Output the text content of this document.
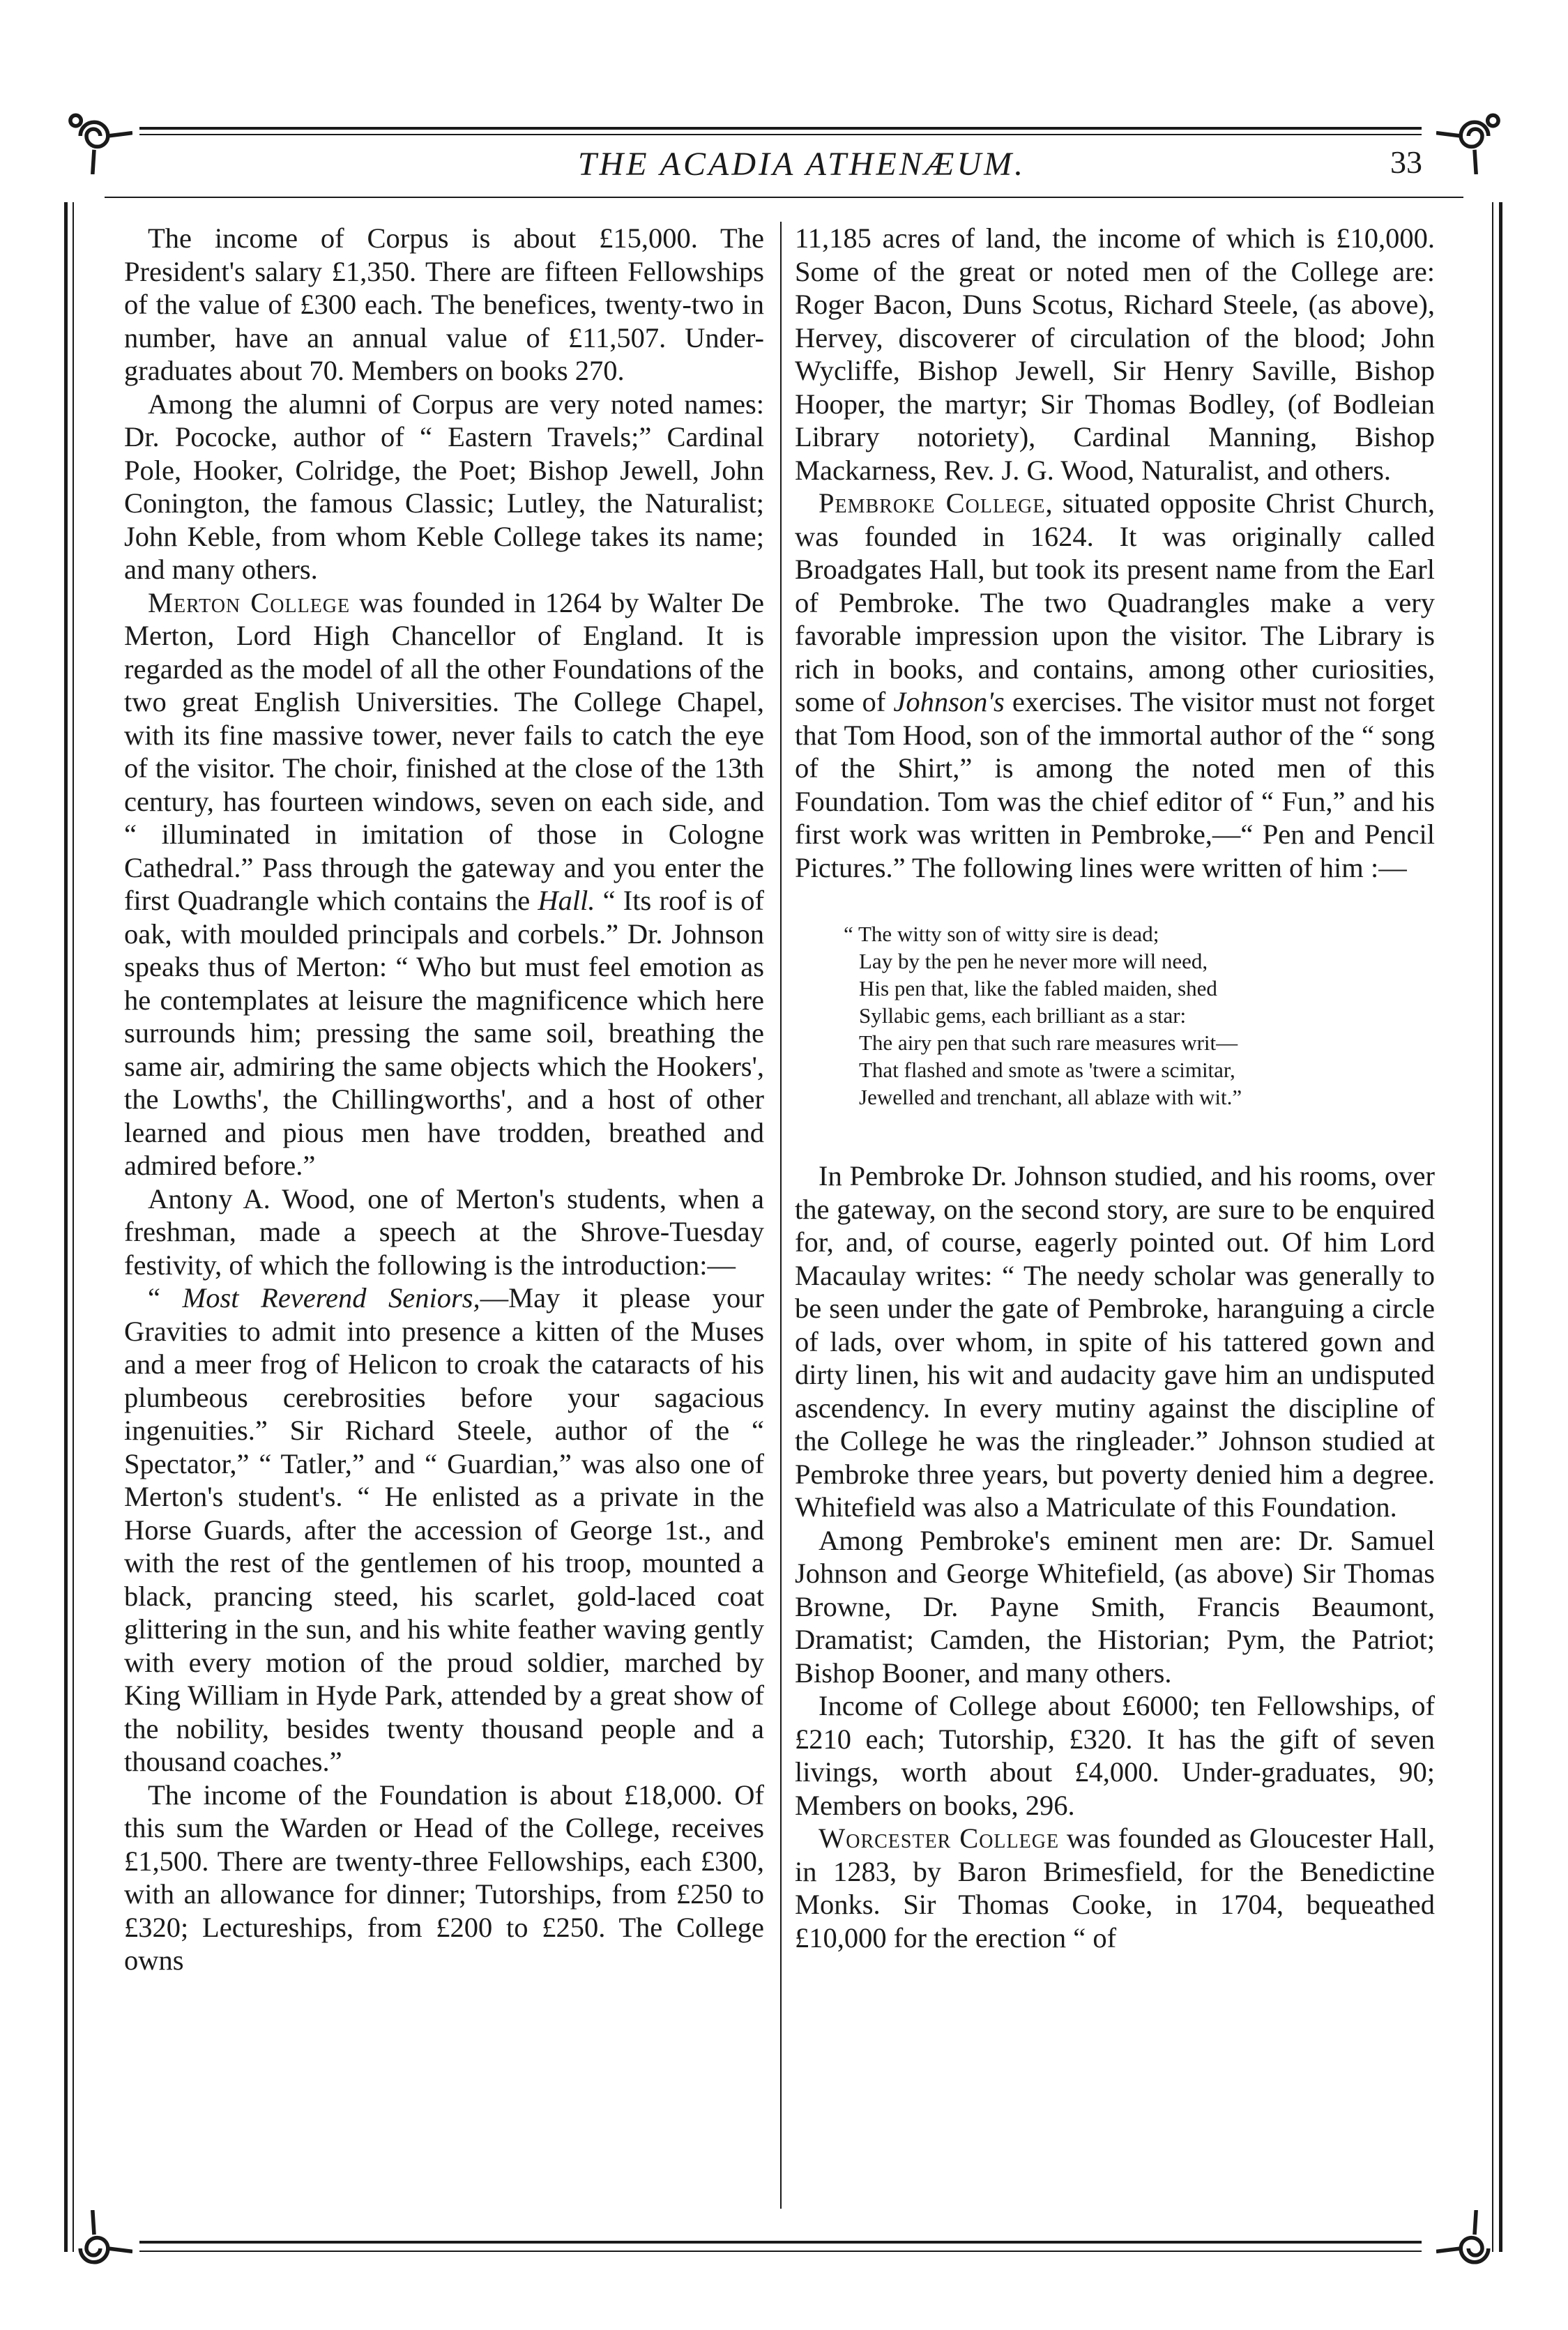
THE ACADIA ATHENÆUM.	33

The income of Corpus is about £15,000. The President's salary £1,350. There are fifteen Fellowships of the value of £300 each. The benefices, twenty-two in number, have an annual value of £11,507. Under-graduates about 70. Members on books 270.

Among the alumni of Corpus are very noted names: Dr. Pococke, author of “ Eastern Travels;” Cardinal Pole, Hooker, Colridge, the Poet; Bishop Jewell, John Conington, the famous Classic; Lutley, the Naturalist; John Keble, from whom Keble College takes its name; and many others.

Merton College was founded in 1264 by Walter De Merton, Lord High Chancellor of England. It is regarded as the model of all the other Foundations of the two great English Universities. The College Chapel, with its fine massive tower, never fails to catch the eye of the visitor. The choir, finished at the close of the 13th century, has fourteen windows, seven on each side, and “ illuminated in imitation of those in Cologne Cathedral.” Pass through the gateway and you enter the first Quadrangle which contains the Hall. “ Its roof is of oak, with moulded principals and corbels.” Dr. Johnson speaks thus of Merton: “ Who but must feel emotion as he contemplates at leisure the magnificence which here surrounds him; pressing the same soil, breathing the same air, admiring the same objects which the Hookers', the Lowths', the Chillingworths', and a host of other learned and pious men have trodden, breathed and admired before.”

Antony A. Wood, one of Merton's students, when a freshman, made a speech at the Shrove-Tuesday festivity, of which the following is the introduction:—

“ Most Reverend Seniors,—May it please your Gravities to admit into presence a kitten of the Muses and a meer frog of Helicon to croak the cataracts of his plumbeous cerebrosities before your sagacious ingenuities.” Sir Richard Steele, author of the “ Spectator,” “ Tatler,” and “ Guardian,” was also one of Merton's student's. “ He enlisted as a private in the Horse Guards, after the accession of George 1st., and with the rest of the gentlemen of his troop, mounted a black, prancing steed, his scarlet, gold-laced coat glittering in the sun, and his white feather waving gently with every motion of the proud soldier, marched by King William in Hyde Park, attended by a great show of the nobility, besides twenty thousand people and a thousand coaches.”

The income of the Foundation is about £18,000. Of this sum the Warden or Head of the College, receives £1,500. There are twenty-three Fellowships, each £300, with an allowance for dinner; Tutorships, from £250 to £320; Lectureships, from £200 to £250. The College owns

11,185 acres of land, the income of which is £10,000. Some of the great or noted men of the College are: Roger Bacon, Duns Scotus, Richard Steele, (as above), Hervey, discoverer of circulation of the blood; John Wycliffe, Bishop Jewell, Sir Henry Saville, Bishop Hooper, the martyr; Sir Thomas Bodley, (of Bodleian Library notoriety), Cardinal Manning, Bishop Mackarness, Rev. J. G. Wood, Naturalist, and others.

Pembroke College, situated opposite Christ Church, was founded in 1624. It was originally called Broadgates Hall, but took its present name from the Earl of Pembroke. The two Quadrangles make a very favorable impression upon the visitor. The Library is rich in books, and contains, among other curiosities, some of Johnson's exercises. The visitor must not forget that Tom Hood, son of the immortal author of the “ song of the Shirt,” is among the noted men of this Foundation. Tom was the chief editor of “ Fun,” and his first work was written in Pembroke,—“ Pen and Pencil Pictures.” The following lines were written of him :—

“ The witty son of witty sire is dead;
Lay by the pen he never more will need,
His pen that, like the fabled maiden, shed
Syllabic gems, each brilliant as a star:
The airy pen that such rare measures writ—
That flashed and smote as 'twere a scimitar,
Jewelled and trenchant, all ablaze with wit.”

In Pembroke Dr. Johnson studied, and his rooms, over the gateway, on the second story, are sure to be enquired for, and, of course, eagerly pointed out. Of him Lord Macaulay writes: “ The needy scholar was generally to be seen under the gate of Pembroke, haranguing a circle of lads, over whom, in spite of his tattered gown and dirty linen, his wit and audacity gave him an undisputed ascendency. In every mutiny against the discipline of the College he was the ringleader.” Johnson studied at Pembroke three years, but poverty denied him a degree. Whitefield was also a Matriculate of this Foundation.

Among Pembroke's eminent men are: Dr. Samuel Johnson and George Whitefield, (as above) Sir Thomas Browne, Dr. Payne Smith, Francis Beaumont, Dramatist; Camden, the Historian; Pym, the Patriot; Bishop Booner, and many others.

Income of College about £6000; ten Fellowships, of £210 each; Tutorship, £320. It has the gift of seven livings, worth about £4,000. Under-graduates, 90; Members on books, 296.

Worcester College was founded as Gloucester Hall, in 1283, by Baron Brimesfield, for the Benedictine Monks. Sir Thomas Cooke, in 1704, bequeathed £10,000 for the erection “ of
